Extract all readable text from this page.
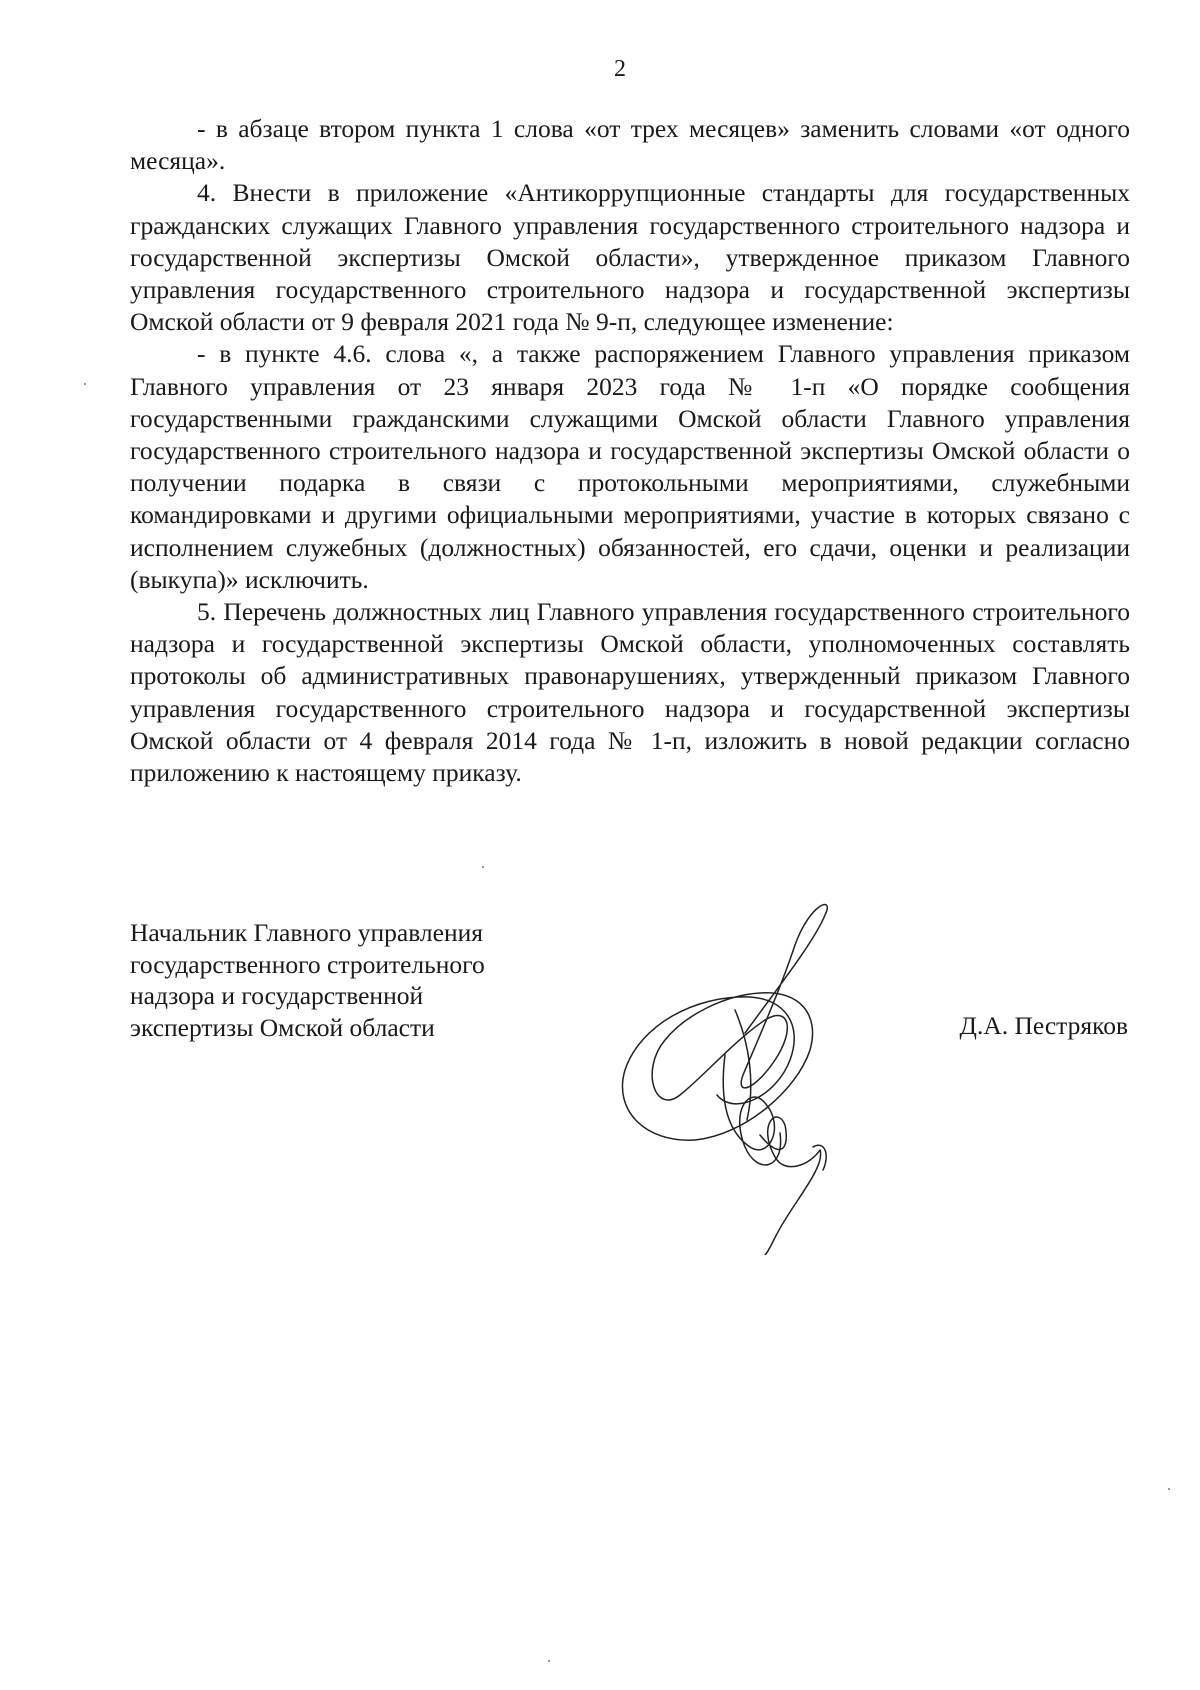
2

- в абзаце втором пункта 1 слова «от трех месяцев» заменить словами «от одного месяца».

4. Внести в приложение «Антикоррупционные стандарты для государственных гражданских служащих Главного управления государственного строительного надзора и государственной экспертизы Омской области», утвержденное приказом Главного управления государственного строительного надзора и государственной экспертизы Омской области от 9 февраля 2021 года № 9-п, следующее изменение:

- в пункте 4.6. слова «, а также распоряжением Главного управления приказом Главного управления от 23 января 2023 года № 1-п «О порядке сообщения государственными гражданскими служащими Омской области Главного управления государственного строительного надзора и государственной экспертизы Омской области о получении подарка в связи с протокольными мероприятиями, служебными командировками и другими официальными мероприятиями, участие в которых связано с исполнением служебных (должностных) обязанностей, его сдачи, оценки и реализации (выкупа)» исключить.

5. Перечень должностных лиц Главного управления государственного строительного надзора и государственной экспертизы Омской области, уполномоченных составлять протоколы об административных правонарушениях, утвержденный приказом Главного управления государственного строительного надзора и государственной экспертизы Омской области от 4 февраля 2014 года № 1-п, изложить в новой редакции согласно приложению к настоящему приказу.

Начальник Главного управления
государственного строительного
надзора и государственной
экспертизы Омской области	Д.А. Пестряков
